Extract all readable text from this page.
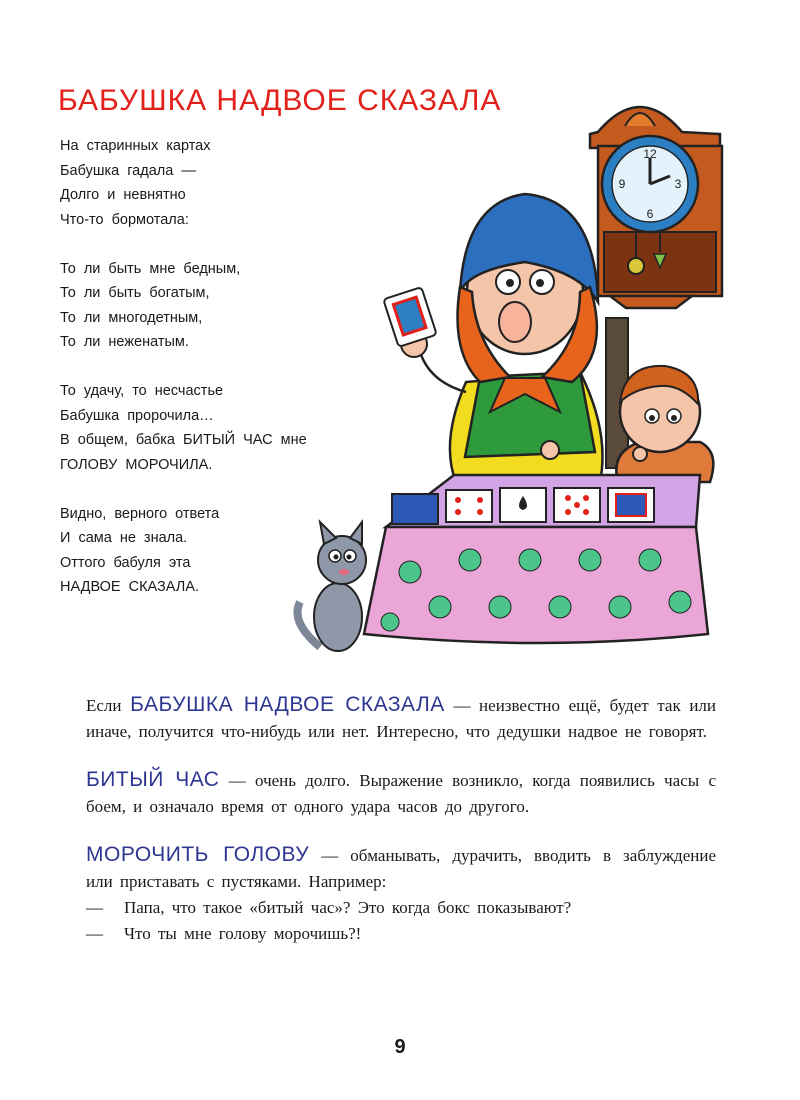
БАБУШКА НАДВОЕ СКАЗАЛА
На старинных картах
Бабушка гадала —
Долго и невнятно
Что-то бормотала:
То ли быть мне бедным,
То ли быть богатым,
То ли многодетным,
То ли неженатым.
То удачу, то несчастье
Бабушка пророчила…
В общем, бабка БИТЫЙ ЧАС мне
ГОЛОВУ МОРОЧИЛА.
Видно, верного ответа
И сама не знала.
Оттого бабуля эта
НАДВОЕ СКАЗАЛА.
12
3
6
9

Если БАБУШКА НАДВОЕ СКАЗАЛА — неизвестно ещё, будет так или иначе, получится что-нибудь или нет. Интересно, что дедушки надвое не говорят.

БИТЫЙ ЧАС — очень долго. Выражение возникло, когда появились часы с боем, и означало время от одного удара часов до другого.

МОРОЧИТЬ ГОЛОВУ — обманывать, дурачить, вводить в заблуждение или приставать с пустяками. Например:
—	Папа, что такое «битый час»? Это когда бокс показывают?
—	Что ты мне голову морочишь?!
9
